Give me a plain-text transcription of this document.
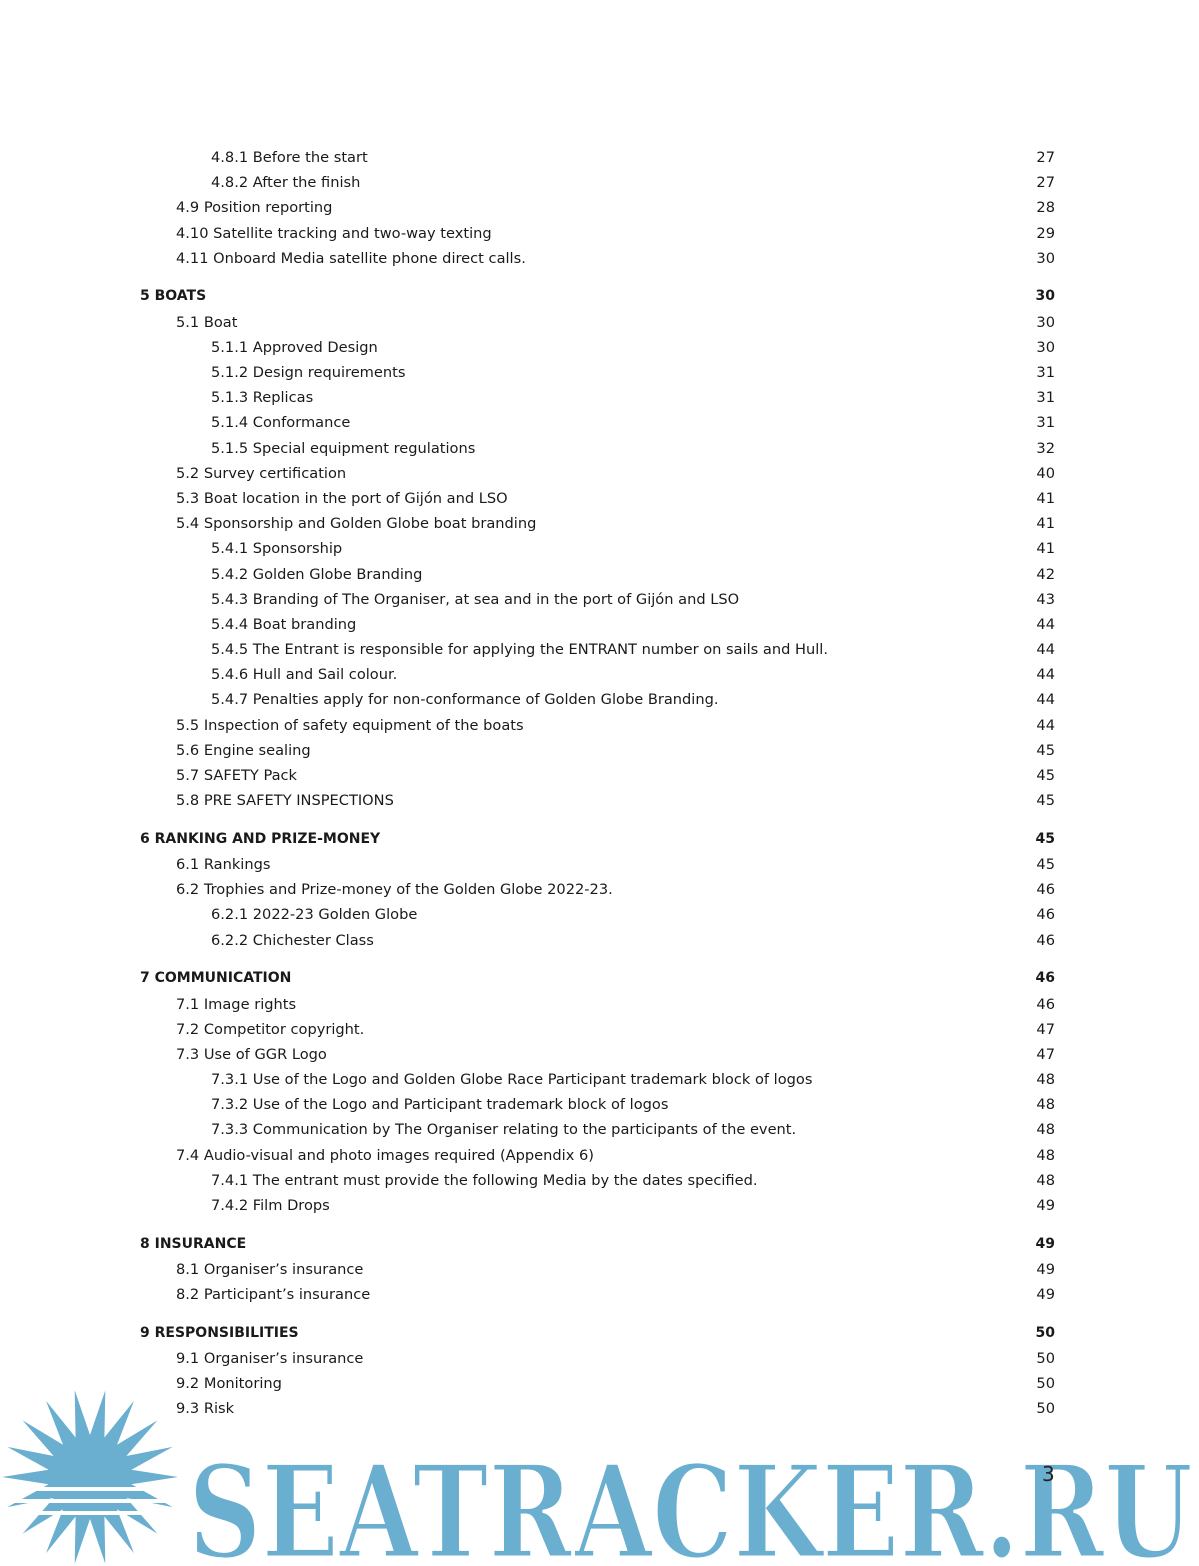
4.8.1 Before the start	27
4.8.2 After the finish	27
4.9 Position reporting	28
4.10 Satellite tracking and two-way texting	29
4.11 Onboard Media satellite phone direct calls.	30
5 BOATS	30
5.1 Boat	30
5.1.1 Approved Design	30
5.1.2 Design requirements	31
5.1.3 Replicas	31
5.1.4 Conformance	31
5.1.5 Special equipment regulations	32
5.2 Survey certification	40
5.3 Boat location in the port of Gijón and LSO	41
5.4 Sponsorship and Golden Globe boat branding	41
5.4.1 Sponsorship	41
5.4.2 Golden Globe Branding	42
5.4.3 Branding of The Organiser, at sea and in the port of Gijón and LSO	43
5.4.4 Boat branding	44
5.4.5 The Entrant is responsible for applying the ENTRANT number on sails and Hull.	44
5.4.6 Hull and Sail colour.	44
5.4.7 Penalties apply for non-conformance of Golden Globe Branding.	44
5.5 Inspection of safety equipment of the boats	44
5.6 Engine sealing	45
5.7 SAFETY Pack	45
5.8 PRE SAFETY INSPECTIONS	45
6 RANKING AND PRIZE-MONEY	45
6.1 Rankings	45
6.2 Trophies and Prize-money of the Golden Globe 2022-23.	46
6.2.1 2022-23 Golden Globe	46
6.2.2 Chichester Class	46
7 COMMUNICATION	46
7.1 Image rights	46
7.2 Competitor copyright.	47
7.3 Use of GGR Logo	47
7.3.1 Use of the Logo and Golden Globe Race Participant trademark block of logos	48
7.3.2 Use of the Logo and Participant trademark block of logos	48
7.3.3 Communication by The Organiser relating to the participants of the event.	48
7.4 Audio-visual and photo images required (Appendix 6)	48
7.4.1 The entrant must provide the following Media by the dates specified.	48
7.4.2 Film Drops	49
8 INSURANCE	49
8.1 Organiser’s insurance	49
8.2 Participant’s insurance	49
9 RESPONSIBILITIES	50
9.1 Organiser’s insurance	50
9.2 Monitoring	50
9.3 Risk	50
SEATRACKER.RU
3
